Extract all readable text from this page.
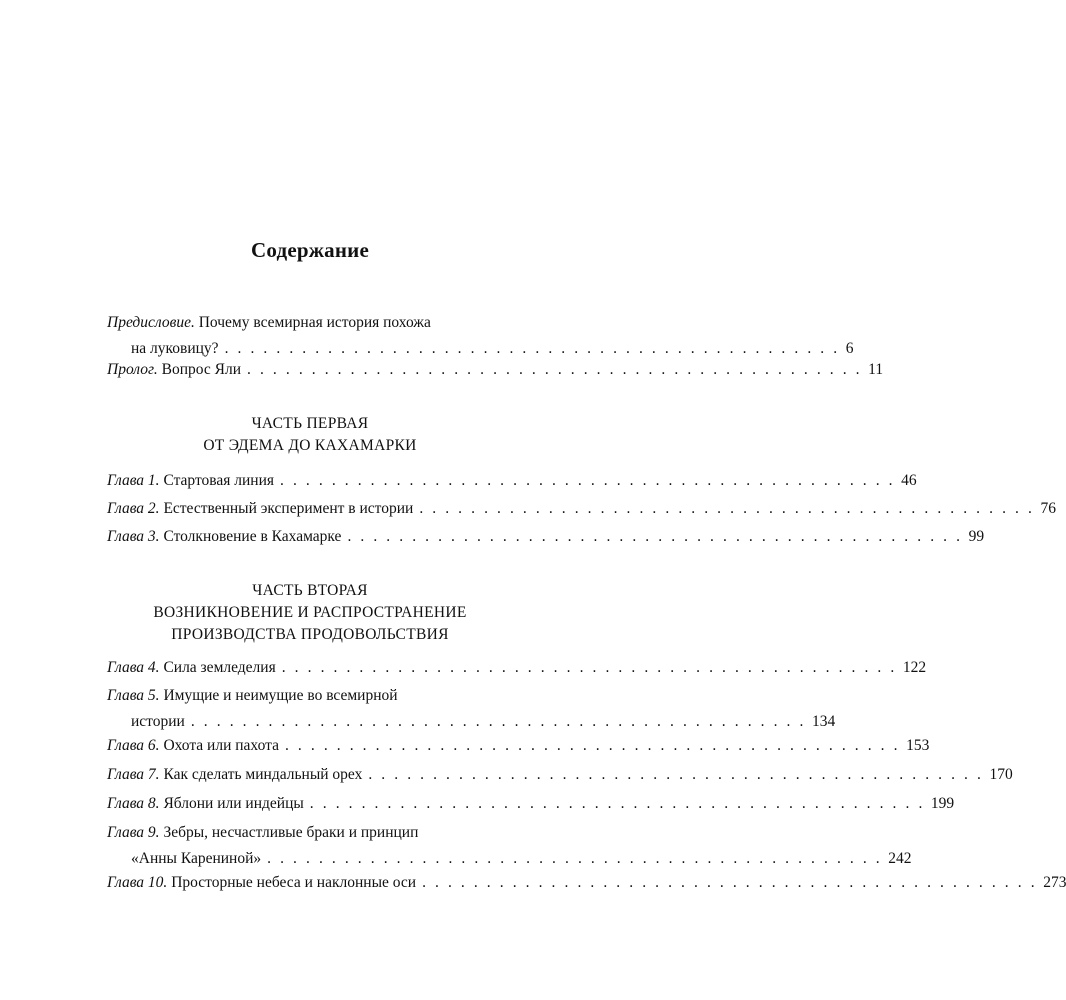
Содержание
Предисловие.
Почему всемирная история похожа
на луковицу? . . . . . . . . . . . . . . . . . . . . . . . . . . . . . . . . . . . . . . . . . . . . . . . . 6
Пролог.
Вопрос Яли . . . . . . . . . . . . . . . . . . . . . . . . . . . . . . . . . . . . . . . . . . . . . . . . 11
ЧАСТЬ ПЕРВАЯ
ОТ ЭДЕМА ДО КАХАМАРКИ
Глава 1.
Стартовая линия . . . . . . . . . . . . . . . . . . . . . . . . . . . . . . . . . . . . . . . . . . . . . . . . 46
Глава 2.
Естественный эксперимент в истории . . . . . . . . . . . . . . . . . . . . . . . . . . . . . . . . . . . . . . . . . . . . . . . . 76
Глава 3.
Столкновение в Кахамарке . . . . . . . . . . . . . . . . . . . . . . . . . . . . . . . . . . . . . . . . . . . . . . . . 99
ЧАСТЬ ВТОРАЯ
ВОЗНИКНОВЕНИЕ И РАСПРОСТРАНЕНИЕ
ПРОИЗВОДСТВА ПРОДОВОЛЬСТВИЯ
Глава 4.
Сила земледелия . . . . . . . . . . . . . . . . . . . . . . . . . . . . . . . . . . . . . . . . . . . . . . . . 122
Глава 5.
Имущие и неимущие во всемирной
истории . . . . . . . . . . . . . . . . . . . . . . . . . . . . . . . . . . . . . . . . . . . . . . . . 134
Глава 6.
Охота или пахота . . . . . . . . . . . . . . . . . . . . . . . . . . . . . . . . . . . . . . . . . . . . . . . . 153
Глава 7.
Как сделать миндальный орех . . . . . . . . . . . . . . . . . . . . . . . . . . . . . . . . . . . . . . . . . . . . . . . . 170
Глава 8.
Яблони или индейцы . . . . . . . . . . . . . . . . . . . . . . . . . . . . . . . . . . . . . . . . . . . . . . . . 199
Глава 9.
Зебры, несчастливые браки и принцип
«Анны Карениной» . . . . . . . . . . . . . . . . . . . . . . . . . . . . . . . . . . . . . . . . . . . . . . . . 242
Глава 10.
Просторные небеса и наклонные оси . . . . . . . . . . . . . . . . . . . . . . . . . . . . . . . . . . . . . . . . . . . . . . . . 273
